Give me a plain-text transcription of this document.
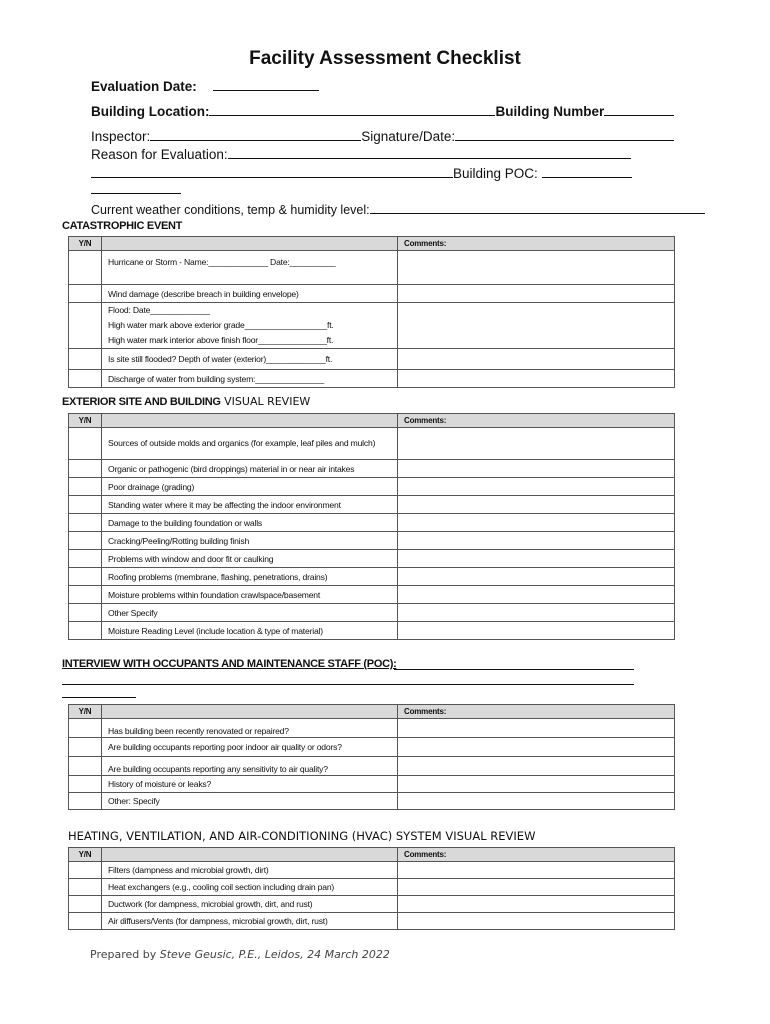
Facility Assessment Checklist
Evaluation Date:
Building Location:	Building Number
Inspector:	Signature/Date:
Reason for Evaluation:
Building POC:
Current weather conditions, temp & humidity level:
CATASTROPHIC EVENT
Y/N		Comments:
	Hurricane or Storm - Name:_____________ Date:__________	
	Wind damage (describe breach in building envelope)	

	Flood: Date_____________
High water mark above exterior grade__________________ft.
High water mark interior above finish floor_______________ft.	

	Is site still flooded? Depth of water (exterior)_____________ft.	
	Discharge of water from building system:_______________	
EXTERIOR SITE AND BUILDING VISUAL REVIEW
Y/N		Comments:
	Sources of outside molds and organics (for example, leaf piles and mulch)	
	Organic or pathogenic (bird droppings) material in or near air intakes	
	Poor drainage (grading)	
	Standing water where it may be affecting the indoor environment	
	Damage to the building foundation or walls	
	Cracking/Peeling/Rotting building finish	
	Problems with window and door fit or caulking	
	Roofing problems (membrane, flashing, penetrations, drains)	
	Moisture problems within foundation crawlspace/basement	
	Other Specify	
	Moisture Reading Level (include location & type of material)	
INTERVIEW WITH OCCUPANTS AND MAINTENANCE STAFF (POC):
Y/N		Comments:
	Has building been recently renovated or repaired?	
	Are building occupants reporting poor indoor air quality or odors?	
	Are building occupants reporting any sensitivity to air quality?	
	History of moisture or leaks?	
	Other: Specify	
HEATING, VENTILATION, AND AIR-CONDITIONING (HVAC) SYSTEM VISUAL REVIEW
Y/N		Comments:
	Filters (dampness and microbial growth, dirt)	
	Heat exchangers (e.g., cooling coil section including drain pan)	
	Ductwork (for dampness, microbial growth, dirt, and rust)	
	Air diffusers/Vents (for dampness, microbial growth, dirt, rust)	
Prepared by Steve Geusic, P.E., Leidos, 24 March 2022
